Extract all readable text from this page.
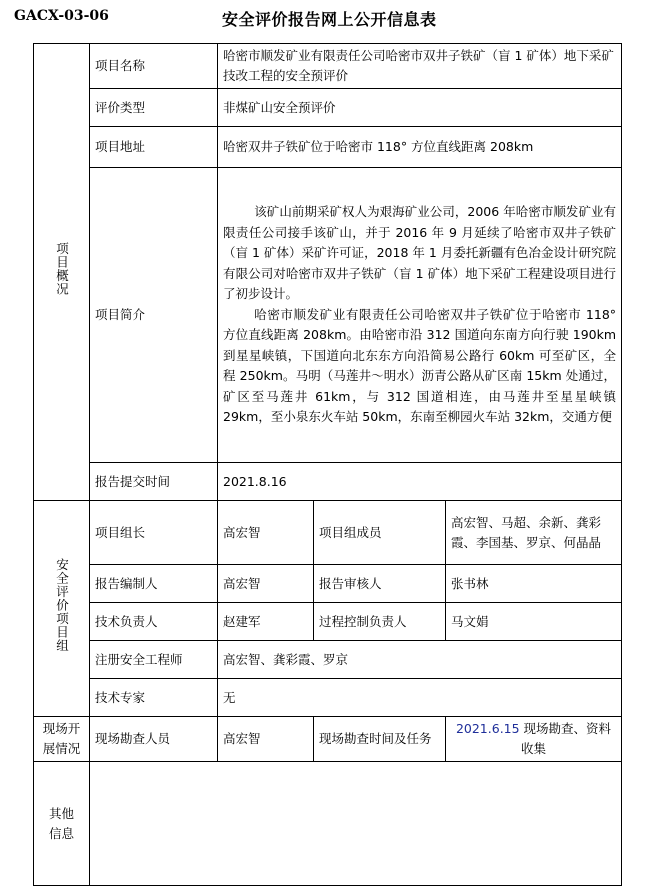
GACX-03-06	安全评价报告网上公开信息表
项目概况	项目名称	哈密市顺发矿业有限责任公司哈密市双井子铁矿（盲 1 矿体）地下采矿技改工程的安全预评价		
	评价类型	非煤矿山安全预评价		
	项目地址	哈密双井子铁矿位于哈密市 118° 方位直线距离 208km		
	项目简介	该矿山前期采矿权人为艰海矿业公司，2006 年哈密市顺发矿业有限责任公司接手该矿山，并于 2016 年 9 月延续了哈密市双井子铁矿（盲 1 矿体）采矿许可证，2018 年 1 月委托新疆有色冶金设计研究院有限公司对哈密市双井子铁矿（盲 1 矿体）地下采矿工程建设项目进行了初步设计。
哈密市顺发矿业有限责任公司哈密双井子铁矿位于哈密市 118° 方位直线距离 208km。由哈密市沿 312 国道向东南方向行驶 190km 到星星峡镇，下国道向北东东方向沿简易公路行 60km 可至矿区，全程 250km。马明（马莲井～明水）沥青公路从矿区南 15km 处通过，矿区至马莲井 61km，与 312 国道相连，由马莲井至星星峡镇 29km，至小泉东火车站 50km，东南至柳园火车站 32km，交通方便		

	报告提交时间	2021.8.16		
安全评价项目组	项目组长	高宏智	项目组成员	高宏智、马超、余新、龚彩霞、李国基、罗京、何晶晶
	报告编制人	高宏智	报告审核人	张书林
	技术负责人	赵建军	过程控制负责人	马文娟
	注册安全工程师	高宏智、龚彩霞、罗京		
	技术专家	无		
现场开展情况	现场勘查人员	高宏智	现场勘查时间及任务	2021.6.15 现场勘查、资料收集

其他信息				
